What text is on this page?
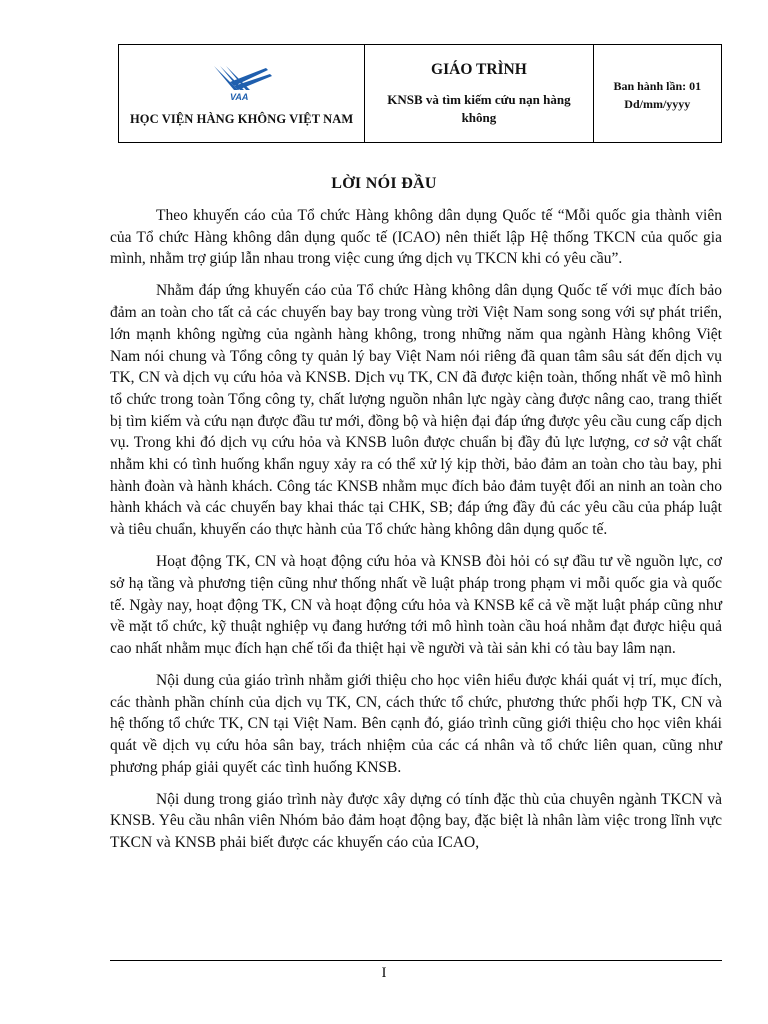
VAA
HỌC VIỆN HÀNG KHÔNG VIỆT NAM

GIÁO TRÌNH
KNSB và tìm kiếm cứu nạn hàng không

Ban hành lần: 01
Dd/mm/yyyy
LỜI NÓI ĐẦU

Theo khuyến cáo của Tổ chức Hàng không dân dụng Quốc tế “Mỗi quốc gia thành viên của Tổ chức Hàng không dân dụng quốc tế (ICAO) nên thiết lập Hệ thống TKCN của quốc gia mình, nhằm trợ giúp lẫn nhau trong việc cung ứng dịch vụ TKCN khi có yêu cầu”.

Nhằm đáp ứng khuyến cáo của Tổ chức Hàng không dân dụng Quốc tế với mục đích bảo đảm an toàn cho tất cả các chuyến bay bay trong vùng trời Việt Nam song song với sự phát triển, lớn mạnh không ngừng của ngành hàng không, trong những năm qua ngành Hàng không Việt Nam nói chung và Tổng công ty quản lý bay Việt Nam nói riêng đã quan tâm sâu sát đến dịch vụ TK, CN và dịch vụ cứu hỏa và KNSB. Dịch vụ TK, CN đã được kiện toàn, thống nhất về mô hình tổ chức trong toàn Tổng công ty, chất lượng nguồn nhân lực ngày càng được nâng cao, trang thiết bị tìm kiếm và cứu nạn được đầu tư mới, đồng bộ và hiện đại đáp ứng được yêu cầu cung cấp dịch vụ. Trong khi đó dịch vụ cứu hỏa và KNSB luôn được chuẩn bị đầy đủ lực lượng, cơ sở vật chất nhằm khi có tình huống khẩn nguy xảy ra có thể xử lý kịp thời, bảo đảm an toàn cho tàu bay, phi hành đoàn và hành khách. Công tác KNSB nhằm mục đích bảo đảm tuyệt đối an ninh an toàn cho hành khách và các chuyến bay khai thác tại CHK, SB; đáp ứng đầy đủ các yêu cầu của pháp luật và tiêu chuẩn, khuyến cáo thực hành của Tổ chức hàng không dân dụng quốc tế.

Hoạt động TK, CN và hoạt động cứu hỏa và KNSB đòi hỏi có sự đầu tư về nguồn lực, cơ sở hạ tầng và phương tiện cũng như thống nhất về luật pháp trong phạm vi mỗi quốc gia và quốc tế. Ngày nay, hoạt động TK, CN và hoạt động cứu hỏa và KNSB kể cả về mặt luật pháp cũng như về mặt tổ chức, kỹ thuật nghiệp vụ đang hướng tới mô hình toàn cầu hoá nhằm đạt được hiệu quả cao nhất nhằm mục đích hạn chế tối đa thiệt hại về người và tài sản khi có tàu bay lâm nạn.

Nội dung của giáo trình nhằm giới thiệu cho học viên hiểu được khái quát vị trí, mục đích, các thành phần chính của dịch vụ TK, CN, cách thức tổ chức, phương thức phối hợp TK, CN và hệ thống tổ chức TK, CN tại Việt Nam. Bên cạnh đó, giáo trình cũng giới thiệu cho học viên khái quát về dịch vụ cứu hỏa sân bay, trách nhiệm của các cá nhân và tổ chức liên quan, cũng như phương pháp giải quyết các tình huống KNSB.

Nội dung trong giáo trình này được xây dựng có tính đặc thù của chuyên ngành TKCN và KNSB. Yêu cầu nhân viên Nhóm bảo đảm hoạt động bay, đặc biệt là nhân làm việc trong lĩnh vực TKCN và KNSB phải biết được các khuyến cáo của ICAO,

I
